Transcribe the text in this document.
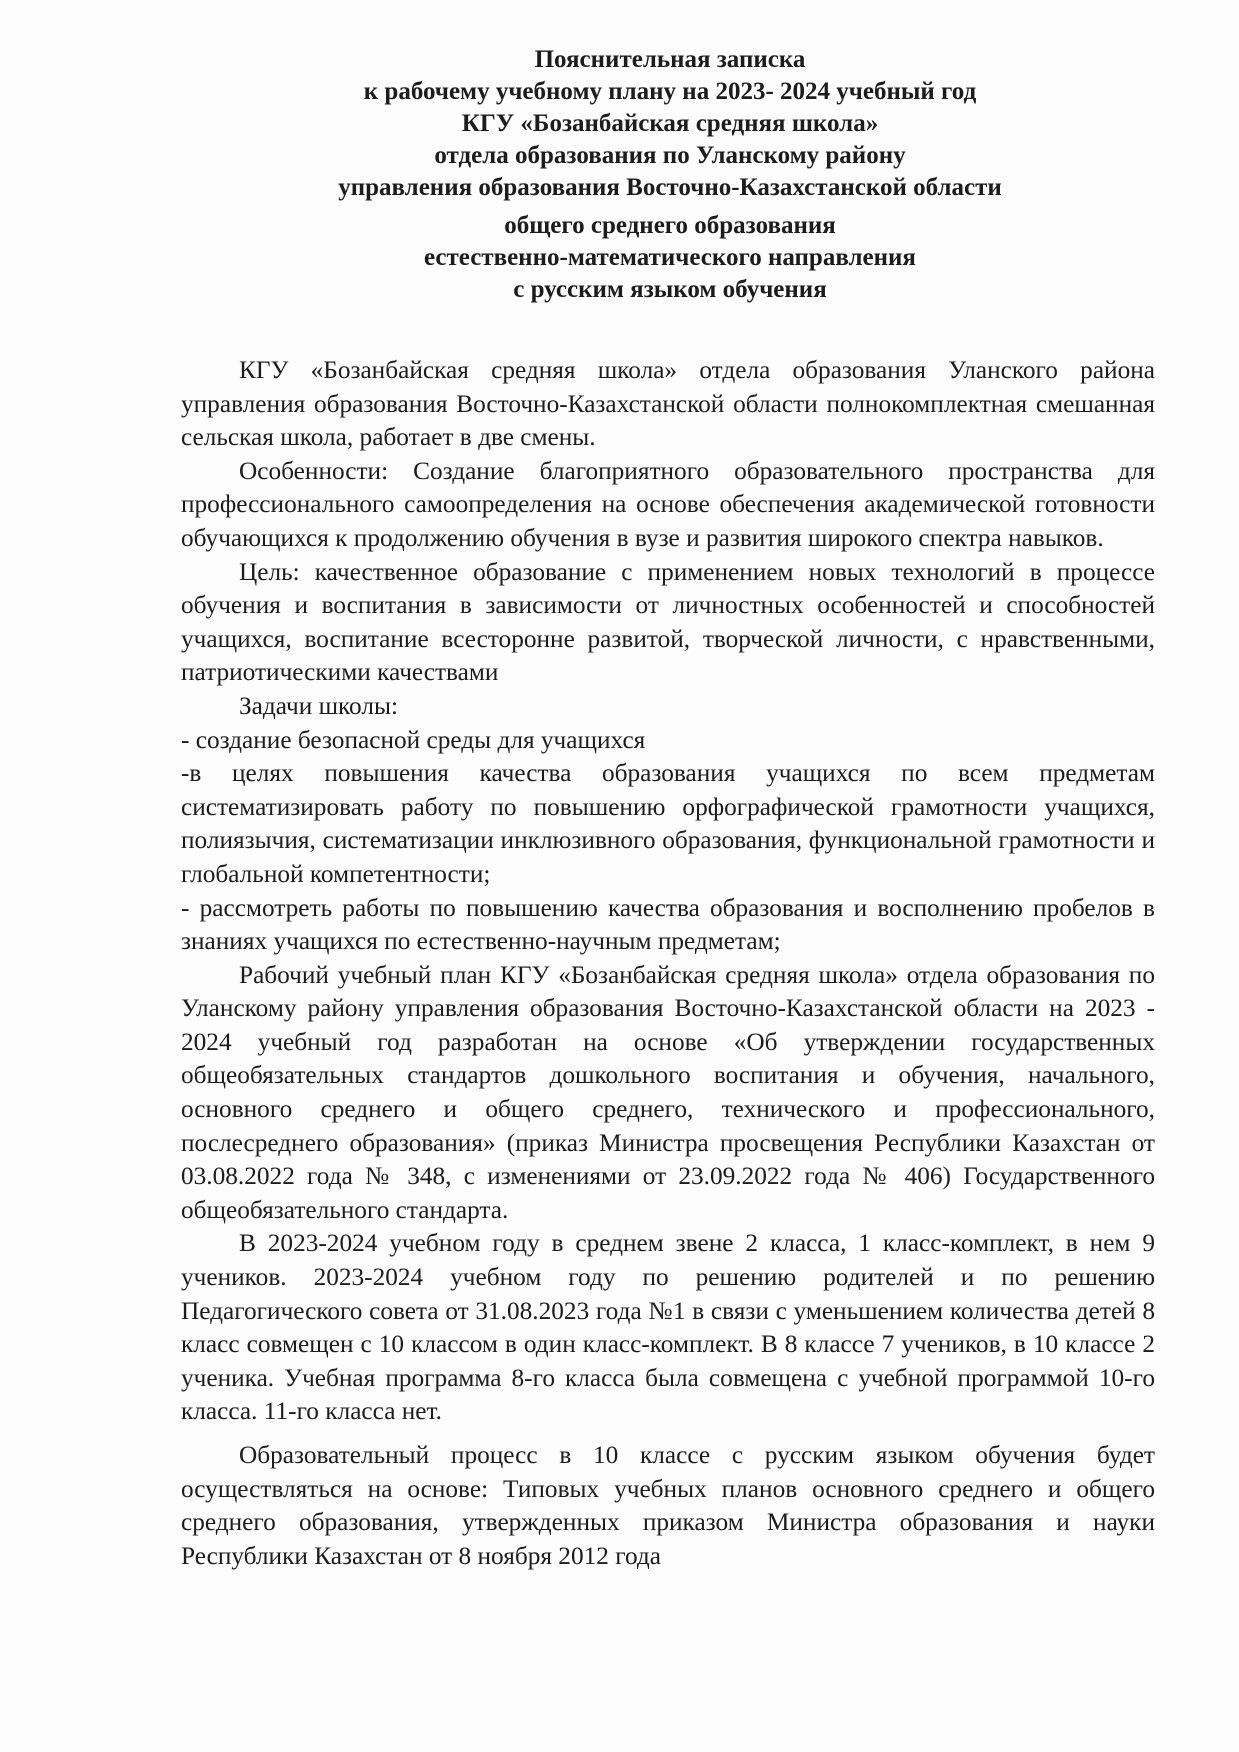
Пояснительная записка
к рабочему учебному плану на 2023- 2024 учебный год
КГУ «Бозанбайская средняя школа»
отдела образования по Уланскому району
управления образования Восточно-Казахстанской области
общего среднего образования
естественно-математического направления
с русским языком обучения

КГУ «Бозанбайская средняя школа» отдела образования Уланского района управления образования Восточно-Казахстанской области полнокомплектная смешанная сельская школа, работает в две смены.

Особенности: Создание благоприятного образовательного пространства для профессионального самоопределения на основе обеспечения академической готовности обучающихся к продолжению обучения в вузе и развития широкого спектра навыков.

Цель: качественное образование с применением новых технологий в процессе обучения и воспитания в зависимости от личностных особенностей и способностей учащихся, воспитание всесторонне развитой, творческой личности, с нравственными, патриотическими качествами

Задачи школы:

- создание безопасной среды для учащихся

-в целях повышения качества образования учащихся по всем предметам систематизировать работу по повышению орфографической грамотности учащихся, полиязычия, систематизации инклюзивного образования, функциональной грамотности и глобальной компетентности;

- рассмотреть работы по повышению качества образования и восполнению пробелов в знаниях учащихся по естественно-научным предметам;

Рабочий учебный план КГУ «Бозанбайская средняя школа» отдела образования по Уланскому району управления образования Восточно-Казахстанской области на 2023 - 2024 учебный год разработан на основе «Об утверждении государственных общеобязательных стандартов дошкольного воспитания и обучения, начального, основного среднего и общего среднего, технического и профессионального, послесреднего образования» (приказ Министра просвещения Республики Казахстан от 03.08.2022 года № 348, с изменениями от 23.09.2022 года № 406) Государственного общеобязательного стандарта.

В 2023-2024 учебном году в среднем звене 2 класса, 1 класс-комплект, в нем 9 учеников. 2023-2024 учебном году по решению родителей и по решению Педагогического совета от 31.08.2023 года №1 в связи с уменьшением количества детей 8 класс совмещен с 10 классом в один класс-комплект. В 8 классе 7 учеников, в 10 классе 2 ученика. Учебная программа 8-го класса была совмещена с учебной программой 10-го класса. 11-го класса нет.

Образовательный процесс в 10 классе с русским языком обучения будет осуществляться на основе: Типовых учебных планов основного среднего и общего среднего образования, утвержденных приказом Министра образования и науки Республики Казахстан от 8 ноября 2012 года
